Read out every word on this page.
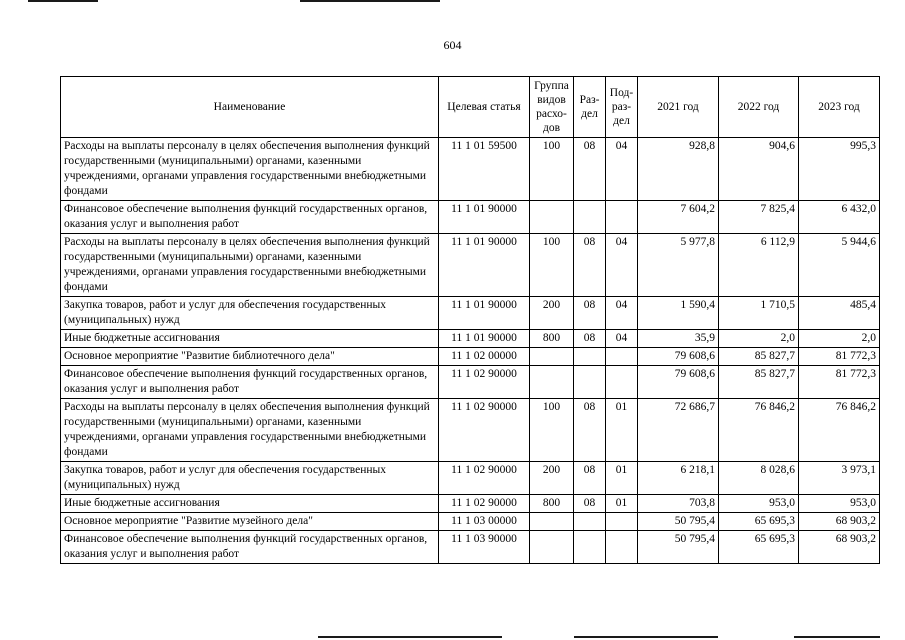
604
Наименование	Целевая статья	Группа видов расхо-дов	Раз-дел	Под-раз-дел	2021 год	2022 год	2023 год
Расходы на выплаты персоналу в целях обеспечения выполнения функций государственными (муниципальными) органами, казенными учреждениями, органами управления государственными внебюджетными фондами	11 1 01 59500	100	08	04	928,8	904,6	995,3
Финансовое обеспечение выполнения функций государственных органов, оказания услуг и выполнения работ	11 1 01 90000				7 604,2	7 825,4	6 432,0
Расходы на выплаты персоналу в целях обеспечения выполнения функций государственными (муниципальными) органами, казенными учреждениями, органами управления государственными внебюджетными фондами	11 1 01 90000	100	08	04	5 977,8	6 112,9	5 944,6
Закупка товаров, работ и услуг для обеспечения государственных (муниципальных) нужд	11 1 01 90000	200	08	04	1 590,4	1 710,5	485,4
Иные бюджетные ассигнования	11 1 01 90000	800	08	04	35,9	2,0	2,0
Основное мероприятие "Развитие библиотечного дела"	11 1 02 00000				79 608,6	85 827,7	81 772,3
Финансовое обеспечение выполнения функций государственных органов, оказания услуг и выполнения работ	11 1 02 90000				79 608,6	85 827,7	81 772,3
Расходы на выплаты персоналу в целях обеспечения выполнения функций государственными (муниципальными) органами, казенными учреждениями, органами управления государственными внебюджетными фондами	11 1 02 90000	100	08	01	72 686,7	76 846,2	76 846,2
Закупка товаров, работ и услуг для обеспечения государственных (муниципальных) нужд	11 1 02 90000	200	08	01	6 218,1	8 028,6	3 973,1
Иные бюджетные ассигнования	11 1 02 90000	800	08	01	703,8	953,0	953,0
Основное мероприятие "Развитие музейного дела"	11 1 03 00000				50 795,4	65 695,3	68 903,2
Финансовое обеспечение выполнения функций государственных органов, оказания услуг и выполнения работ	11 1 03 90000				50 795,4	65 695,3	68 903,2
